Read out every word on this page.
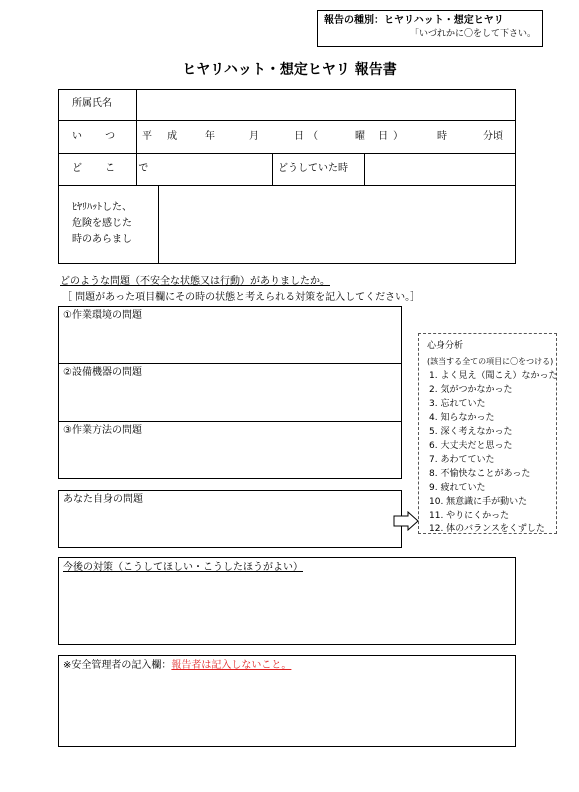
報告の種別：ヒヤリハット・想定ヒヤリ
「いづれかに〇をして下さい。
ヒヤリハット・想定ヒヤリ 報告書
所属氏名
い つ 平 成 年	月	日（	曜 日）	時	分頃
ど こ で	どうしていた時
ﾋﾔﾘﾊｯﾄした、
危険を感じた
時のあらまし
どのような問題（不安全な状態又は行動）がありましたか。
［ 問題があった項目欄にその時の状態と考えられる対策を記入してください。］
①作業環境の問題
②設備機器の問題
③作業方法の問題
あなた自身の問題
心身分析
(該当する全ての項目に〇をつける)
1. よく見え（聞こえ）なかった
2. 気がつかなかった
3. 忘れていた
4. 知らなかった
5. 深く考えなかった
6. 大丈夫だと思った
7. あわてていた
8. 不愉快なことがあった
9. 疲れていた
10. 無意識に手が動いた
11. やりにくかった
12. 体のバランスをくずした
今後の対策（こうしてほしい・こうしたほうがよい）
※安全管理者の記入欄：報告者は記入しないこと。
